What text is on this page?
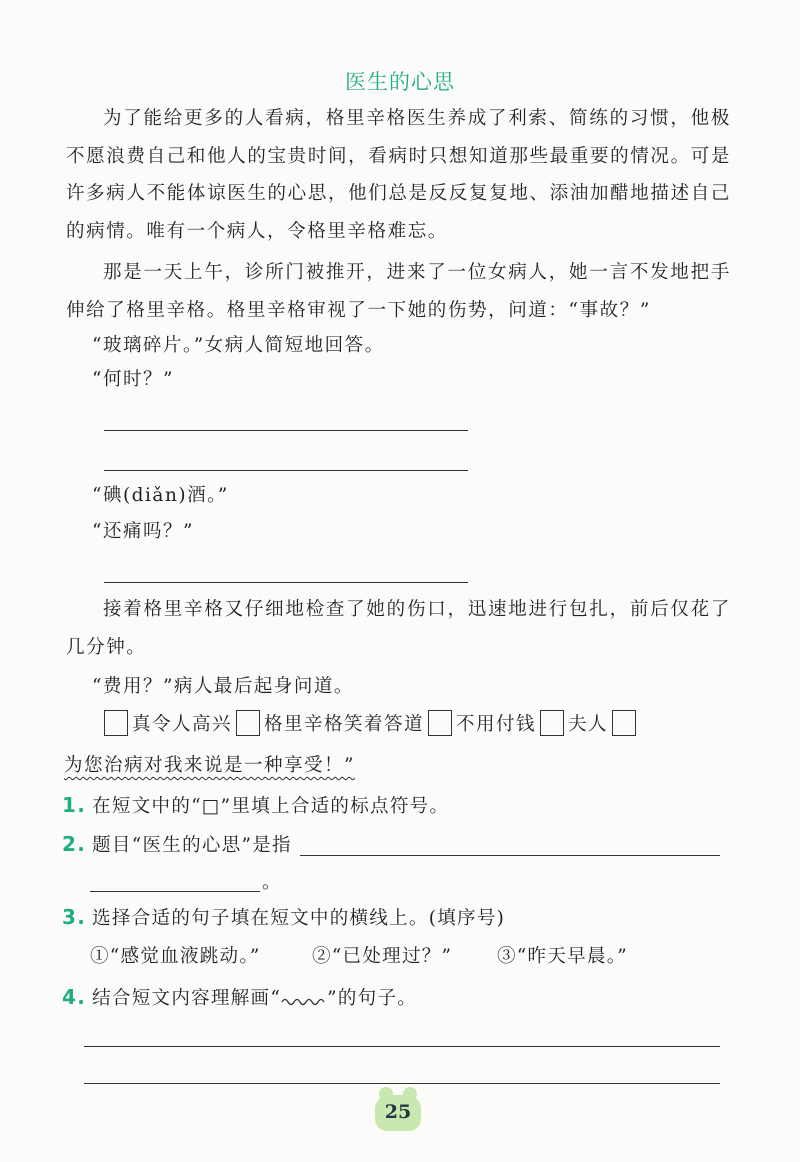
医生的心思

为了能给更多的人看病，格里辛格医生养成了利索、简练的习惯，他极不愿浪费自己和他人的宝贵时间，看病时只想知道那些最重要的情况。可是许多病人不能体谅医生的心思，他们总是反反复复地、添油加醋地描述自己的病情。唯有一个病人，令格里辛格难忘。

那是一天上午，诊所门被推开，进来了一位女病人，她一言不发地把手伸给了格里辛格。格里辛格审视了一下她的伤势，问道：“事故？”

“玻璃碎片。”女病人简短地回答。
“何时？”
“碘(diǎn)酒。”
“还痛吗？”

接着格里辛格又仔细地检查了她的伤口，迅速地进行包扎，前后仅花了几分钟。

“费用？”病人最后起身问道。
真令人高兴 格里辛格笑着答道 不用付钱 夫人
为您治病对我来说是一种享受！”
1. 在短文中的“□”里填上合适的标点符号。
2. 题目“医生的心思”是指
。
3. 选择合适的句子填在短文中的横线上。(填序号)
①“感觉血液跳动。”	②“已处理过？” ③“昨天早晨。”
4. 结合短文内容理解画“ ”的句子。
25
